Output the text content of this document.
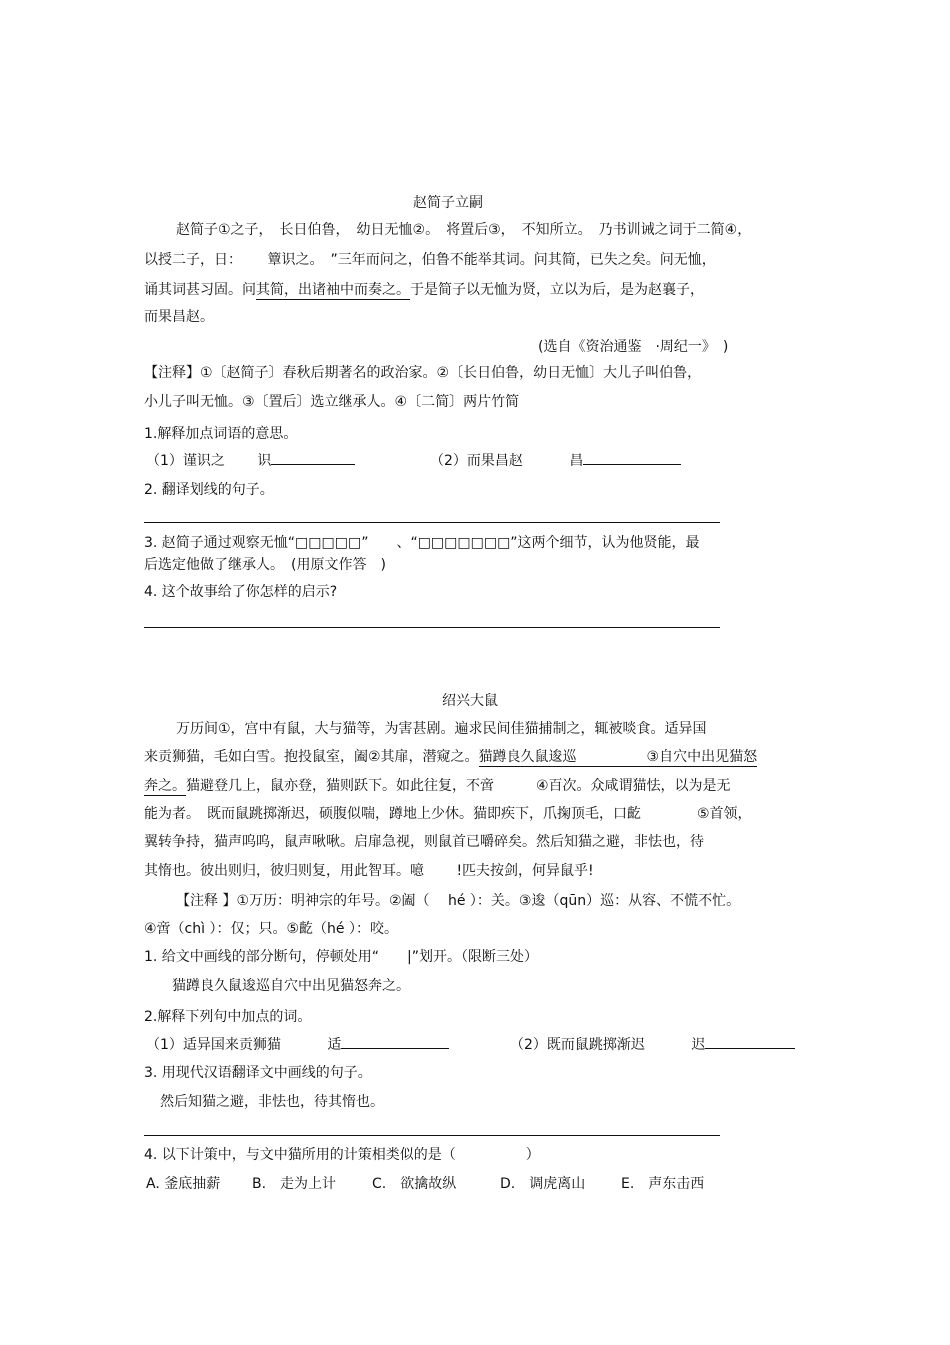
赵简子立嗣
赵简子①之子，　长日伯鲁，　幼日无恤②。　将置后③，　不知所立。　乃书训诫之词于二简④，
以授二子，日：　　 簟识之。　”三年而问之，伯鲁不能举其词。问其简，已失之矣。问无恤，
诵其词甚习固。问其简，出诸袖中而奏之。于是简子以无恤为贤，立以为后，是为赵襄子，
而果昌赵。
(选自《资治通鉴　·周纪一》　)
【注释】①〔赵简子〕春秋后期著名的政治家。②〔长日伯鲁，幼日无恤〕大儿子叫伯鲁，
小儿子叫无恤。③〔置后〕选立继承人。④〔二简〕两片竹简
1.解释加点词语的意思。
（1）谨识之　　 识	（2）而果昌赵　　　 昌
2. 翻译划线的句子。
3. 赵简子通过观察无恤“□□□□□”　　、“□□□□□□□”这两个细节，认为他贤能，最
后选定他做了继承人。　(用原文作答　)
4. 这个故事给了你怎样的启示?
绍兴大鼠
万历间①，宫中有鼠，大与猫等，为害甚剧。遍求民间佳猫捕制之，辄被啖食。适异国
来贡狮猫，毛如白雪。抱投鼠室，阖②其扉，潜窥之。猫蹲良久鼠逡巡　　　　　③自穴中出见猫怒
奔之。猫避登几上，鼠亦登，猫则跃下。如此往复，不啻　　　④百次。众咸谓猫怯，以为是无
能为者。　既而鼠跳掷渐迟，硕腹似喘，蹲地上少休。猫即疾下，爪掬顶毛，口齕　　　　⑤首领，
翼转争持，猫声呜呜，鼠声啾啾。启扉急视，则鼠首已嚼碎矣。然后知猫之避，非怯也，待
其惰也。彼出则归，彼归则复，用此智耳。噫　　 !匹夫按剑，何异鼠乎!
【注释 】①万历：明神宗的年号。②阖（　 hé ）：关。③逡（qūn）巡：从容、不慌不忙。
④啻（chì ）：仅；只。⑤齕（hé ）：咬。
1. 给文中画线的部分断句，停顿处用“　　|”划开。（限断三处）
猫蹲良久鼠逡巡自穴中出见猫怒奔之。
2.解释下列句中加点的词。
（1）适异国来贡狮猫　　　 适	（2）既而鼠跳掷渐迟　　　 迟
3. 用现代汉语翻译文中画线的句子。
然后知猫之避，非怯也，待其惰也。
4. 以下计策中，与文中猫所用的计策相类似的是（　　　　　）
A. 釜底抽薪 B.　走为上计	C.　欲擒故纵	D.　调虎离山	E.　声东击西
